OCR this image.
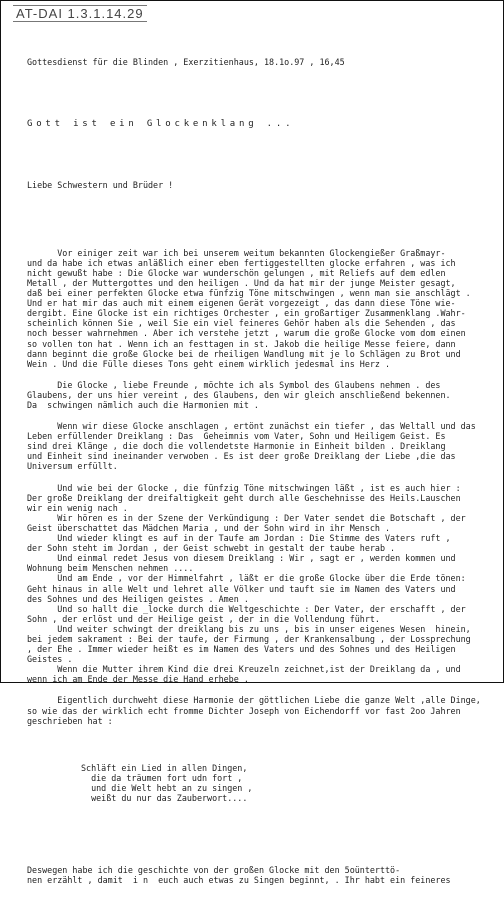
AT-DAI 1.3.1.14.29

Gottesdienst für die Blinden , Exerzitienhaus, 18.1o.97 , 16,45

Gott ist ein Glockenklang ...

Liebe Schwestern und Brüder !

Vor einiger zeit war ich bei unserem weitum bekannten Glockengießer Graßmayr-
und da habe ich etwas anläßlich einer eben fertiggestellten glocke erfahren , was ich
nicht gewußt habe : Die Glocke war wunderschön gelungen , mit Reliefs auf dem edlen
Metall , der Muttergottes und den heiligen . Und da hat mir der junge Meister gesagt,
daß bei einer perfekten Glocke etwa fünfzig Töne mitschwingen , wenn man sie anschlägt .
Und er hat mir das auch mit einem eigenen Gerät vorgezeigt , das dann diese Töne wie-
dergibt. Eine Glocke ist ein richtiges Orchester , ein großartiger Zusammenklang .Wahr-
scheinlich können Sie , weil Sie ein viel feineres Gehör haben als die Sehenden , das
noch besser wahrnehmen . Aber ich verstehe jetzt , warum die große Glocke vom dom einen
so vollen ton hat . Wenn ich an festtagen in st. Jakob die heilige Messe feiere, dann
dann beginnt die große Glocke bei de rheiligen Wandlung mit je lo Schlägen zu Brot und
Wein . Und die Fülle dieses Tons geht einem wirklich jedesmal ins Herz .
Die Glocke , liebe Freunde , möchte ich als Symbol des Glaubens nehmen . des
Glaubens, der uns hier vereint , des Glaubens, den wir gleich anschließend bekennen.
Da  schwingen nämlich auch die Harmonien mit .
Wenn wir diese Glocke anschlagen , ertönt zunächst ein tiefer , das Weltall und das
Leben erfüllender Dreiklang : Das  Geheimnis vom Vater, Sohn und Heiligem Geist. Es
sind drei Klänge , die doch die vollendetste Harmonie in Einheit bilden . Dreiklang
und Einheit sind ineinander verwoben . Es ist deer große Dreiklang der Liebe ,die das
Universum erfüllt.
Und wie bei der Glocke , die fünfzig Töne mitschwingen läßt , ist es auch hier :
Der große Dreiklang der dreifaltigkeit geht durch alle Geschehnisse des Heils.Lauschen
wir ein wenig nach .
Wir hören es in der Szene der Verkündigung : Der Vater sendet die Botschaft , der
Geist überschattet das Mädchen Maria , und der Sohn wird in ihr Mensch .
Und wieder klingt es auf in der Taufe am Jordan : Die Stimme des Vaters ruft ,
der Sohn steht im Jordan , der Geist schwebt in gestalt der taube herab .
Und einmal redet Jesus von diesem Dreiklang : Wir , sagt er , werden kommen und
Wohnung beim Menschen nehmen ....
Und am Ende , vor der Himmelfahrt , läßt er die große Glocke über die Erde tönen:
Geht hinaus in alle Welt und lehret alle Völker und tauft sie im Namen des Vaters und
des Sohnes und des Heiligen geistes . Amen .
Und so hallt die _locke durch die Weltgeschichte : Der Vater, der erschafft , der
Sohn , der erlöst und der Heilige geist , der in die Vollendung führt.
Und weiter schwingt der dreiklang bis zu uns , bis in unser eigenes Wesen  hinein,
bei jedem sakrament : Bei der taufe, der Firmung , der Krankensalbung , der Lossprechung
, der Ehe . Immer wieder heißt es im Namen des Vaters und des Sohnes und des Heiligen
Geistes .
Wenn die Mutter ihrem Kind die drei Kreuzeln zeichnet,ist der Dreiklang da , und
wenn ich am Ende der Messe die Hand erhebe .
Eigentlich durchweht diese Harmonie der göttlichen Liebe die ganze Welt ,alle Dinge,
so wie das der wirklich echt fromme Dichter Joseph von Eichendorff vor fast 2oo Jahren
geschrieben hat :

Schläft ein Lied in allen Dingen,
die da träumen fort udn fort ,
und die Welt hebt an zu singen ,
weißt du nur das Zauberwort....

Deswegen habe ich die geschichte von der großen Glocke mit den 5oünterttö-
nen erzählt , damit  i n  euch auch etwas zu Singen beginnt, . Ihr habt ein feineres
